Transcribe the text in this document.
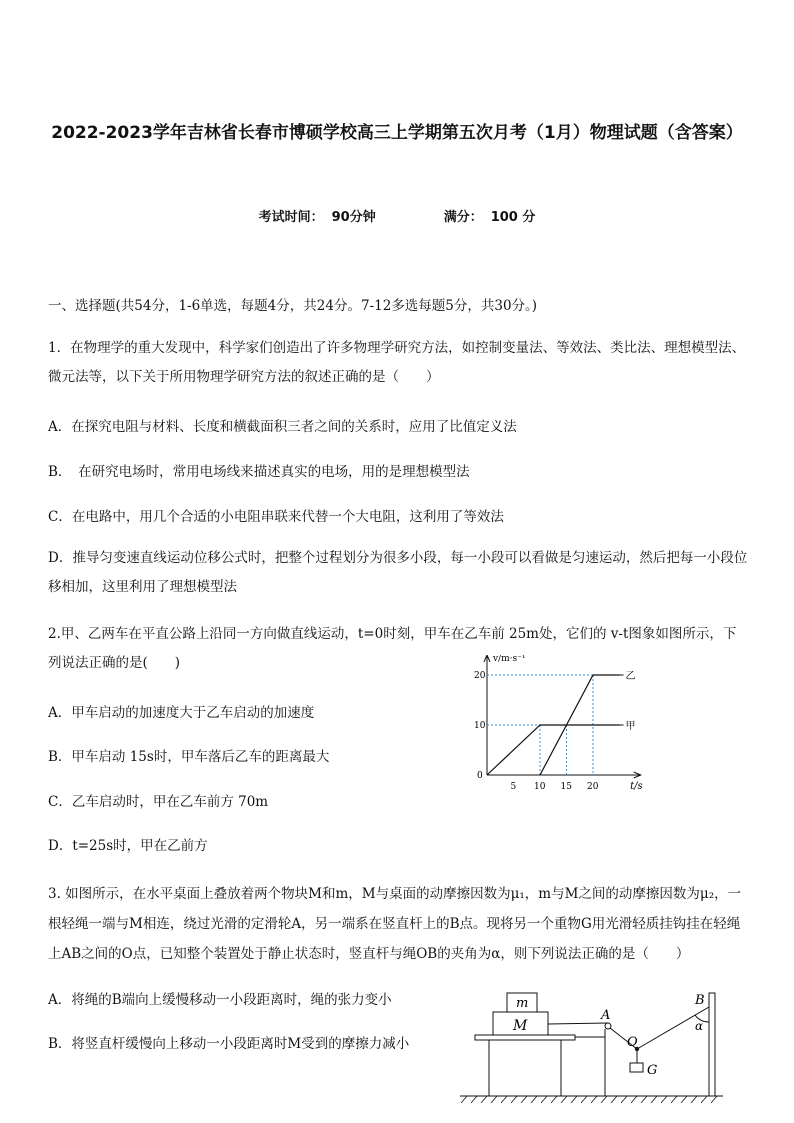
2022-2023学年吉林省长春市博硕学校高三上学期第五次月考（1月）物理试题（含答案）
考试时间： 90分钟	满分： 100 分
一、选择题(共54分，1-6单选，每题4分，共24分。7-12多选每题5分，共30分。)
1．在物理学的重大发现中，科学家们创造出了许多物理学研究方法，如控制变量法、等效法、类比法、理想模型法、微元法等，以下关于所用物理学研究方法的叙述正确的是（　　）
A．在探究电阻与材料、长度和横截面积三者之间的关系时，应用了比值定义法
B．　在研究电场时，常用电场线来描述真实的电场，用的是理想模型法
C．在电路中，用几个合适的小电阻串联来代替一个大电阻，这利用了等效法
D．推导匀变速直线运动位移公式时，把整个过程划分为很多小段，每一小段可以看做是匀速运动，然后把每一小段位移相加，这里利用了理想模型法
2.甲、乙两车在平直公路上沿同一方向做直线运动，t=0时刻，甲车在乙车前 25m处，它们的 v-t图象如图所示，下列说法正确的是(　　)
A．甲车启动的加速度大于乙车启动的加速度
B．甲车启动 15s时，甲车落后乙车的距离最大
C．乙车启动时，甲在乙车前方 70m
D．t=25s时，甲在乙前方
v/m·s⁻¹
t/s
10
20
0
5 10 15 20
甲
乙
3. 如图所示，在水平桌面上叠放着两个物块M和m，M与桌面的动摩擦因数为μ₁，m与M之间的动摩擦因数为μ₂，一根轻绳一端与M相连，绕过光滑的定滑轮A，另一端系在竖直杆上的B点。现将另一个重物G用光滑轻质挂钩挂在轻绳上AB之间的O点，已知整个装置处于静止状态时，竖直杆与绳OB的夹角为α，则下列说法正确的是（　　）
A．将绳的B端向上缓慢移动一小段距离时，绳的张力变小
B．将竖直杆缓慢向上移动一小段距离时M受到的摩擦力减小
M
m
A
O
G
B
α
